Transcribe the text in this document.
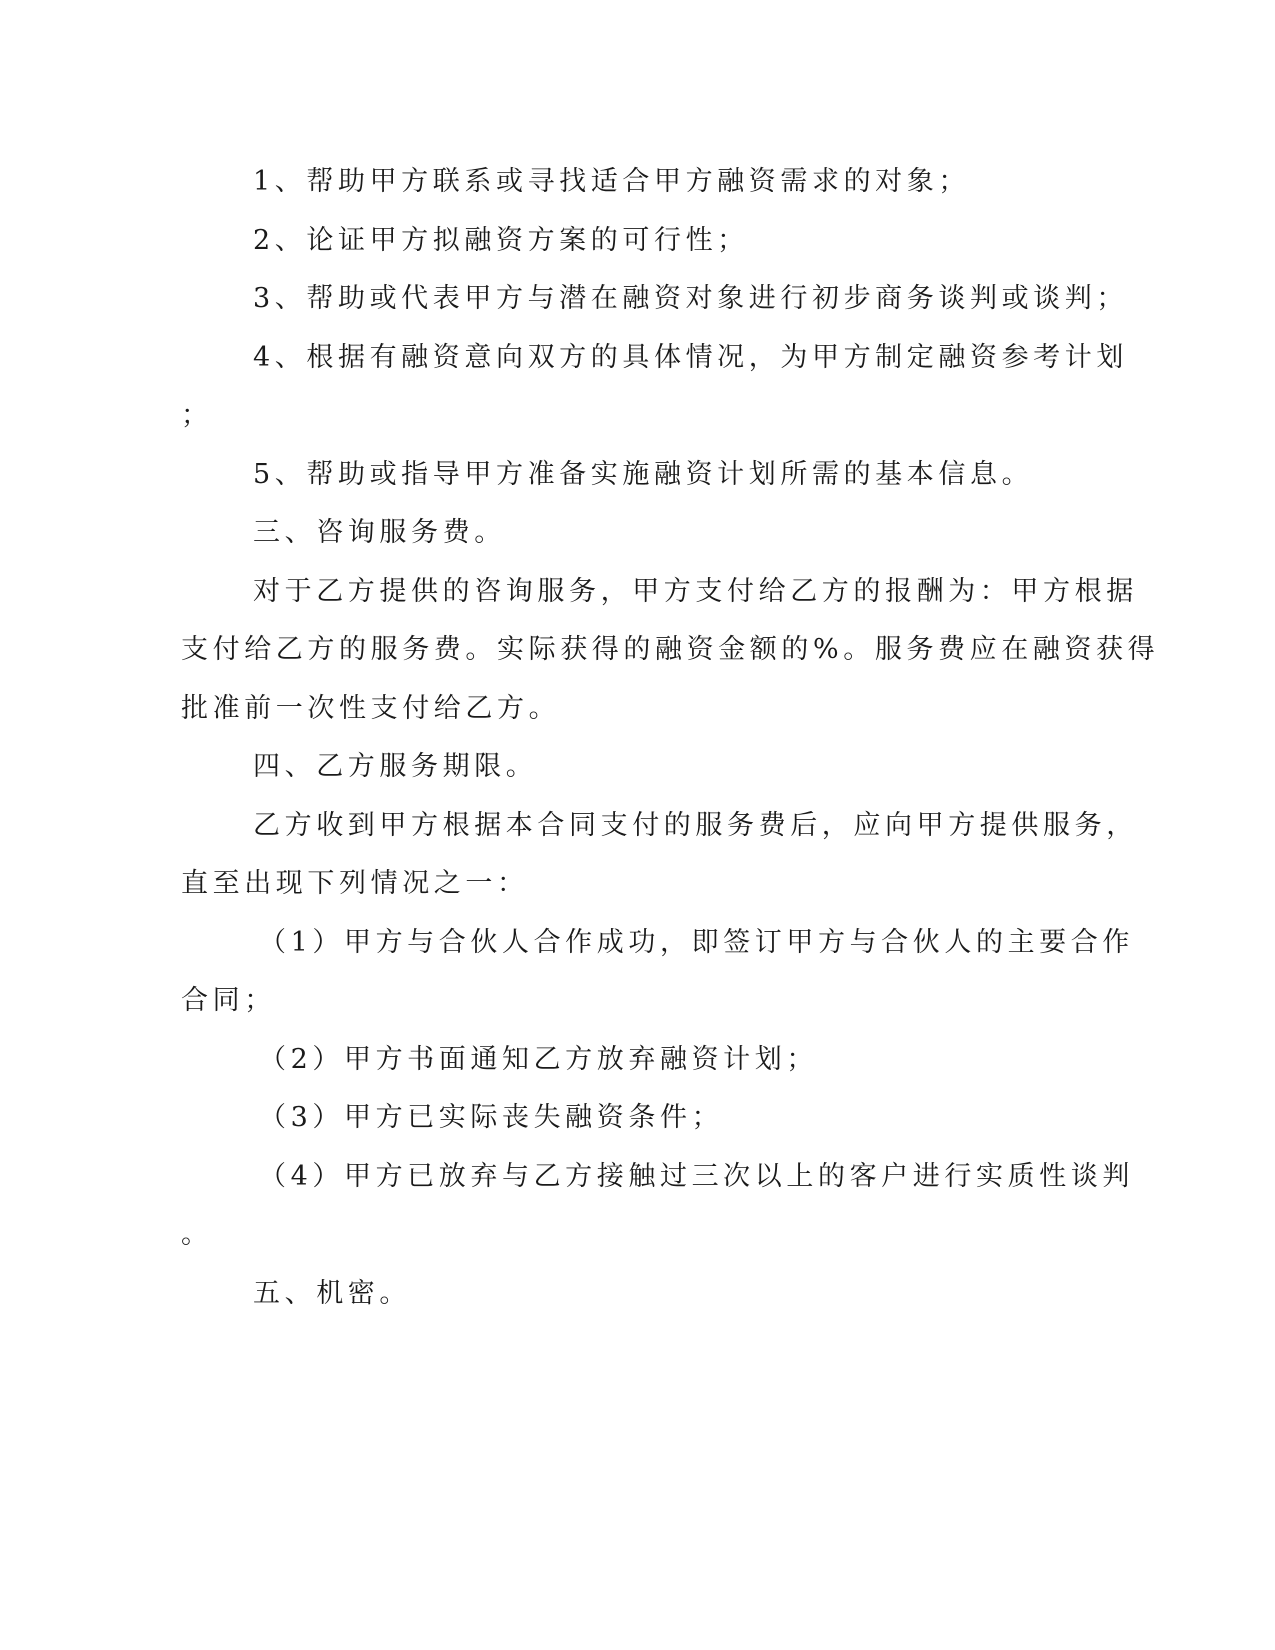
1、帮助甲方联系或寻找适合甲方融资需求的对象；
2、论证甲方拟融资方案的可行性；
3、帮助或代表甲方与潜在融资对象进行初步商务谈判或谈判；
4、根据有融资意向双方的具体情况，为甲方制定融资参考计划
；
5、帮助或指导甲方准备实施融资计划所需的基本信息。
三、咨询服务费。
对于乙方提供的咨询服务，甲方支付给乙方的报酬为：甲方根据
支付给乙方的服务费。实际获得的融资金额的%。服务费应在融资获得
批准前一次性支付给乙方。
四、乙方服务期限。
乙方收到甲方根据本合同支付的服务费后，应向甲方提供服务，
直至出现下列情况之一：
（1）甲方与合伙人合作成功，即签订甲方与合伙人的主要合作
合同；
（2）甲方书面通知乙方放弃融资计划；
（3）甲方已实际丧失融资条件；
（4）甲方已放弃与乙方接触过三次以上的客户进行实质性谈判
。
五、机密。
